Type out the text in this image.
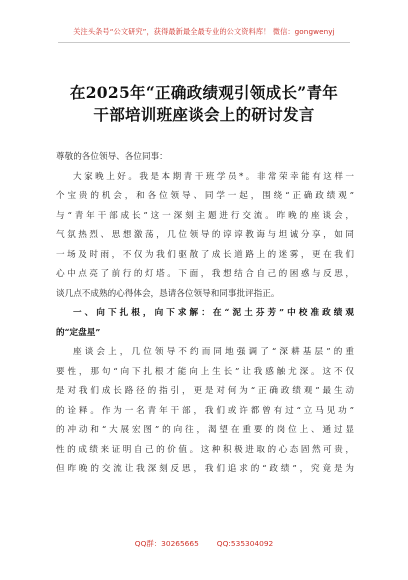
关注头条号“公文研究”，获得最新最全最专业的公文资料库！ 微信：gongwenyj
在2025年“正确政绩观引领成长”青年
干部培训班座谈会上的研讨发言
尊敬的各位领导、各位同事：
大家晚上好。我是本期青干班学员*。非常荣幸能有这样一
个宝贵的机会，和各位领导、同学一起，围绕“正确政绩观”
与“青年干部成长”这一深刻主题进行交流。昨晚的座谈会，
气氛热烈、思想激荡，几位领导的谆谆教诲与坦诚分享，如同
一场及时雨，不仅为我们驱散了成长道路上的迷雾，更在我们
心中点亮了前行的灯塔。下面，我想结合自己的困惑与反思，
谈几点不成熟的心得体会，恳请各位领导和同事批评指正。
一、向下扎根，向下求解：在“泥土芬芳”中校准政绩观
的“定盘星”
座谈会上，几位领导不约而同地强调了“深耕基层”的重
要性，那句“向下扎根才能向上生长”让我感触尤深。这不仅
是对我们成长路径的指引，更是对何为“正确政绩观”最生动
的诠释。作为一名青年干部，我们或许都曾有过“立马见功”
的冲动和“大展宏图”的向往，渴望在重要的岗位上、通过显
性的成绩来证明自己的价值。这种积极进取的心态固然可贵，
但昨晚的交流让我深刻反思，我们追求的“政绩”，究竟是为
QQ群：30265665 QQ:535304092
